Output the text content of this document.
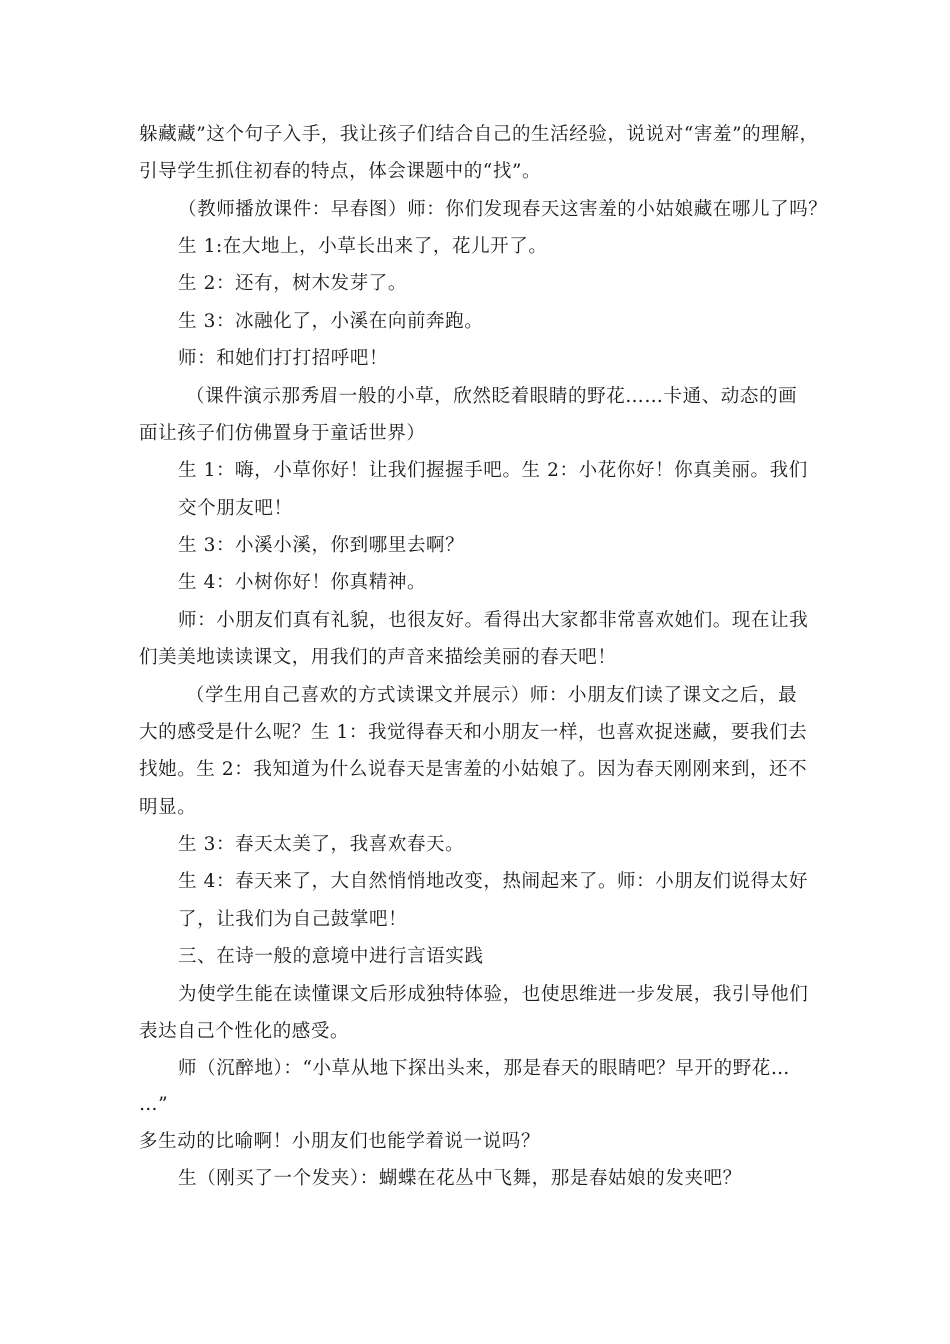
躲藏藏”这个句子入手，我让孩子们结合自己的生活经验，说说对“害羞”的理解，
引导学生抓住初春的特点，体会课题中的“找”。
（教师播放课件：早春图）师：你们发现春天这害羞的小姑娘藏在哪儿了吗？
生 1:在大地上，小草长出来了，花儿开了。
生 2：还有，树木发芽了。
生 3：冰融化了，小溪在向前奔跑。
师：和她们打打招呼吧！
（课件演示那秀眉一般的小草，欣然眨着眼睛的野花……卡通、动态的画
面让孩子们仿佛置身于童话世界）
生 1：嗨，小草你好！让我们握握手吧。生 2：小花你好！你真美丽。我们
交个朋友吧！
生 3：小溪小溪，你到哪里去啊？
生 4：小树你好！你真精神。
师：小朋友们真有礼貌，也很友好。看得出大家都非常喜欢她们。现在让我
们美美地读读课文，用我们的声音来描绘美丽的春天吧！
（学生用自己喜欢的方式读课文并展示）师：小朋友们读了课文之后，最
大的感受是什么呢？生 1：我觉得春天和小朋友一样，也喜欢捉迷藏，要我们去
找她。生 2：我知道为什么说春天是害羞的小姑娘了。因为春天刚刚来到，还不
明显。
生 3：春天太美了，我喜欢春天。
生 4：春天来了，大自然悄悄地改变，热闹起来了。师：小朋友们说得太好
了，让我们为自己鼓掌吧！
三、在诗一般的意境中进行言语实践
为使学生能在读懂课文后形成独特体验，也使思维进一步发展，我引导他们
表达自己个性化的感受。
师（沉醉地）：“小草从地下探出头来，那是春天的眼睛吧？早开的野花…
…”
多生动的比喻啊！小朋友们也能学着说一说吗？
生（刚买了一个发夹）：蝴蝶在花丛中飞舞，那是春姑娘的发夹吧？
